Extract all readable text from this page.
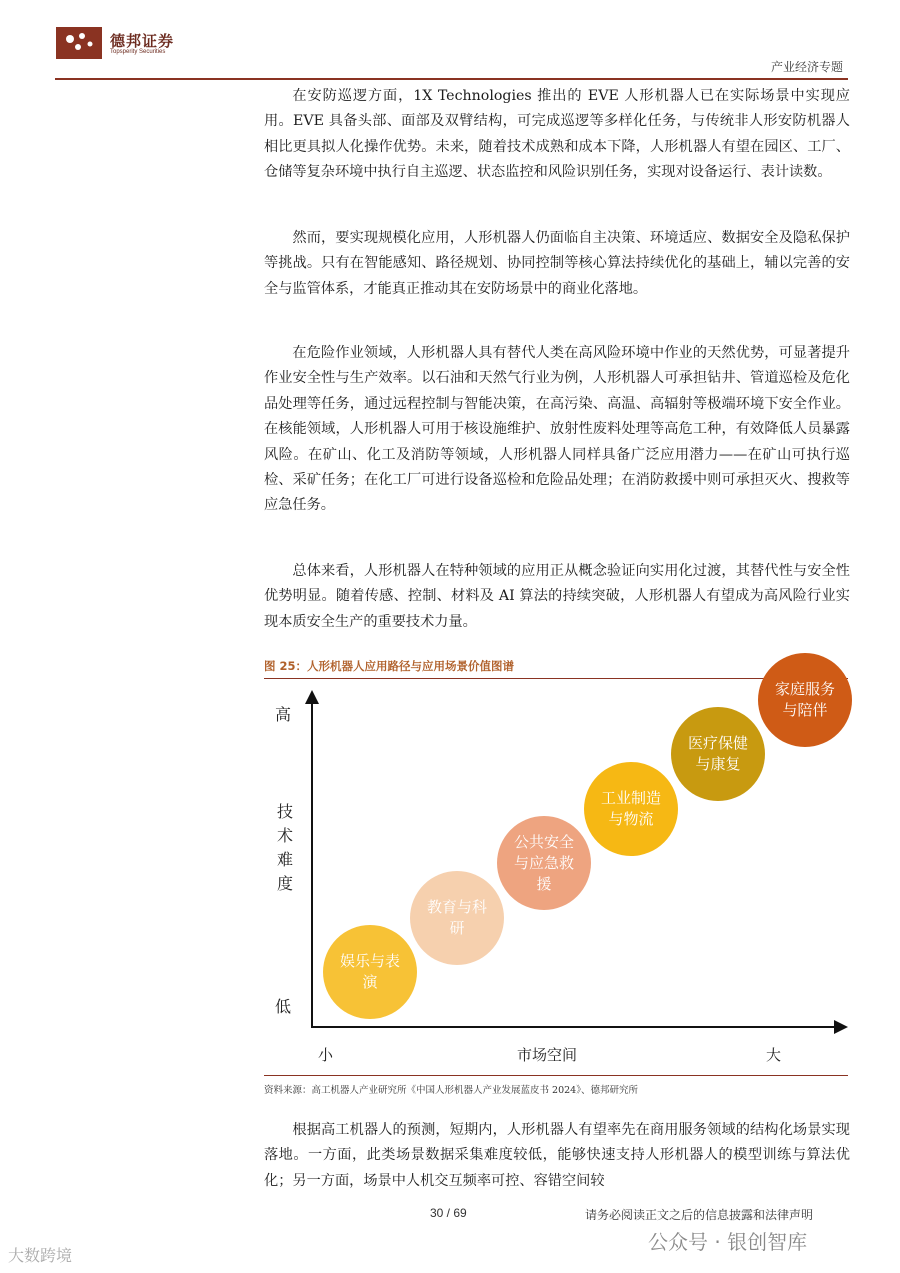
德邦证券
Topsperity Securities
产业经济专题

在安防巡逻方面，1X Technologies 推出的 EVE 人形机器人已在实际场景中实现应用。EVE 具备头部、面部及双臂结构，可完成巡逻等多样化任务，与传统非人形安防机器人相比更具拟人化操作优势。未来，随着技术成熟和成本下降，人形机器人有望在园区、工厂、仓储等复杂环境中执行自主巡逻、状态监控和风险识别任务，实现对设备运行、表计读数。

然而，要实现规模化应用，人形机器人仍面临自主决策、环境适应、数据安全及隐私保护等挑战。只有在智能感知、路径规划、协同控制等核心算法持续优化的基础上，辅以完善的安全与监管体系，才能真正推动其在安防场景中的商业化落地。

在危险作业领域，人形机器人具有替代人类在高风险环境中作业的天然优势，可显著提升作业安全性与生产效率。以石油和天然气行业为例，人形机器人可承担钻井、管道巡检及危化品处理等任务，通过远程控制与智能决策，在高污染、高温、高辐射等极端环境下安全作业。在核能领域，人形机器人可用于核设施维护、放射性废料处理等高危工种，有效降低人员暴露风险。在矿山、化工及消防等领域，人形机器人同样具备广泛应用潜力——在矿山可执行巡检、采矿任务；在化工厂可进行设备巡检和危险品处理；在消防救援中则可承担灭火、搜救等应急任务。

总体来看，人形机器人在特种领域的应用正从概念验证向实用化过渡，其替代性与安全性优势明显。随着传感、控制、材料及 AI 算法的持续突破，人形机器人有望成为高风险行业实现本质安全生产的重要技术力量。

图 25：人形机器人应用路径与应用场景价值图谱
高
技术难度
低
小	市场空间	大
娱乐与表演
教育与科研
公共安全与应急救援
工业制造与物流
医疗保健与康复
家庭服务与陪伴
资料来源：高工机器人产业研究所《中国人形机器人产业发展蓝皮书 2024》、德邦研究所

根据高工机器人的预测，短期内，人形机器人有望率先在商用服务领域的结构化场景实现落地。一方面，此类场景数据采集难度较低，能够快速支持人形机器人的模型训练与算法优化；另一方面，场景中人机交互频率可控、容错空间较

30 / 69	请务必阅读正文之后的信息披露和法律声明
大数跨境
公众号 · 银创智库
